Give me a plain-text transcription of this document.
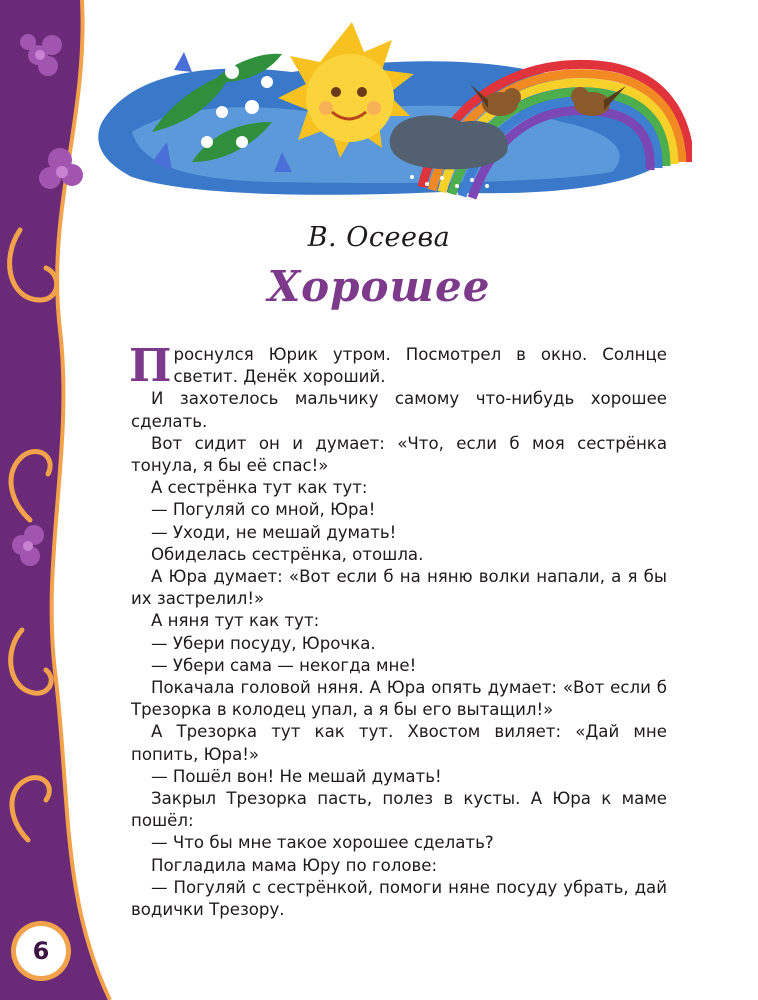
В. Осеева
Хорошее

Проснулся Юрик утром. Посмотрел в окно. Солнце светит. Денёк хороший.

И захотелось мальчику самому что-нибудь хорошее сделать.

Вот сидит он и думает: «Что, если б моя сестрёнка тонула, я бы её спас!»

А сестрёнка тут как тут:

— Погуляй со мной, Юра!

— Уходи, не мешай думать!

Обиделась сестрёнка, отошла.

А Юра думает: «Вот если б на няню волки напали, а я бы их застрелил!»

А няня тут как тут:

— Убери посуду, Юрочка.

— Убери сама — некогда мне!

Покачала головой няня. А Юра опять думает: «Вот если б Трезорка в колодец упал, а я бы его вытащил!»

А Трезорка тут как тут. Хвостом виляет: «Дай мне попить, Юра!»

— Пошёл вон! Не мешай думать!

Закрыл Трезорка пасть, полез в кусты. А Юра к маме пошёл:

— Что бы мне такое хорошее сделать?

Погладила мама Юру по голове:

— Погуляй с сестрёнкой, помоги няне посуду убрать, дай водички Трезору.

6
